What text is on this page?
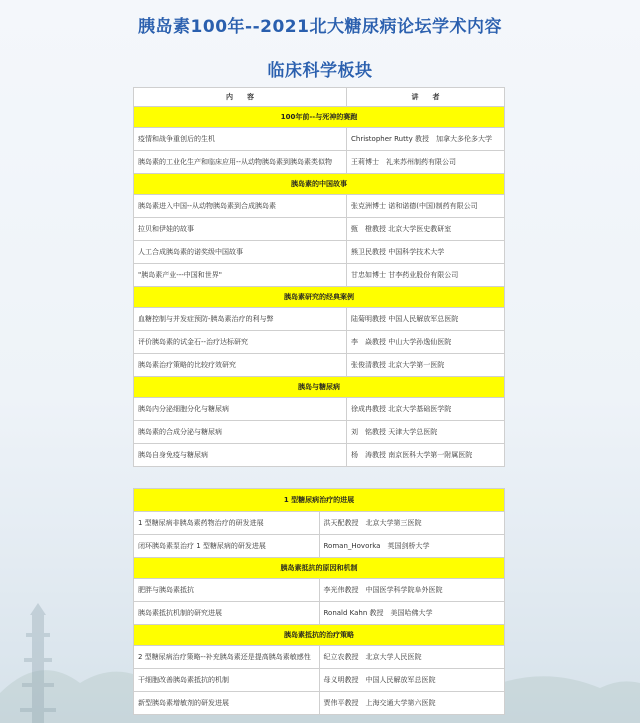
胰岛素100年--2021北大糖尿病论坛学术内容
临床科学板块
内　　容	讲　　者
100年前--与死神的赛跑	
疫情和战争重创后的生机	Christopher Rutty 教授　加拿大多伦多大学
胰岛素的工业化生产和临床应用--从动物胰岛素到胰岛素类似物	王莉博士　礼来苏州制药有限公司
胰岛素的中国故事	
胰岛素进入中国--从动物胰岛素到合成胰岛素	张克洲博士 诺和诺德(中国)制药有限公司
拉贝和伊娃的故事	甄　橙教授 北京大学医史教研室
人工合成胰岛素的诺奖级中国故事	熊卫民教授 中国科学技术大学
"胰岛素产业---中国和世界"	甘忠如博士 甘李药业股份有限公司
胰岛素研究的经典案例	
血糖控制与并发症预防-胰岛素治疗的利与弊	陆菊明教授 中国人民解放军总医院
评价胰岛素的试金石--治疗达标研究	李　焱教授 中山大学孙逸仙医院
胰岛素治疗策略的比较疗效研究	张俊清教授 北京大学第一医院
胰岛与糖尿病	
胰岛内分泌细胞分化与糖尿病	徐成冉教授 北京大学基础医学院
胰岛素的合成分泌与糖尿病	刘　铭教授 天津大学总医院
胰岛自身免疫与糖尿病	杨　涛教授 南京医科大学第一附属医院
1 型糖尿病治疗的进展	
1 型糖尿病非胰岛素药物治疗的研发进展	洪天配教授　北京大学第三医院
闭环胰岛素泵治疗 1 型糖尿病的研发进展	Roman_Hovorka　英国剑桥大学
胰岛素抵抗的原因和机制	
肥胖与胰岛素抵抗	李光伟教授　中国医学科学院阜外医院
胰岛素抵抗机制的研究进展	Ronald Kahn 教授　美国哈佛大学
胰岛素抵抗的治疗策略	
2 型糖尿病治疗策略--补充胰岛素还是提高胰岛素敏感性	纪立农教授　北京大学人民医院
干细胞改善胰岛素抵抗的机制	母义明教授　中国人民解放军总医院
新型胰岛素增敏剂的研发进展	贾伟平教授　上海交通大学第六医院
